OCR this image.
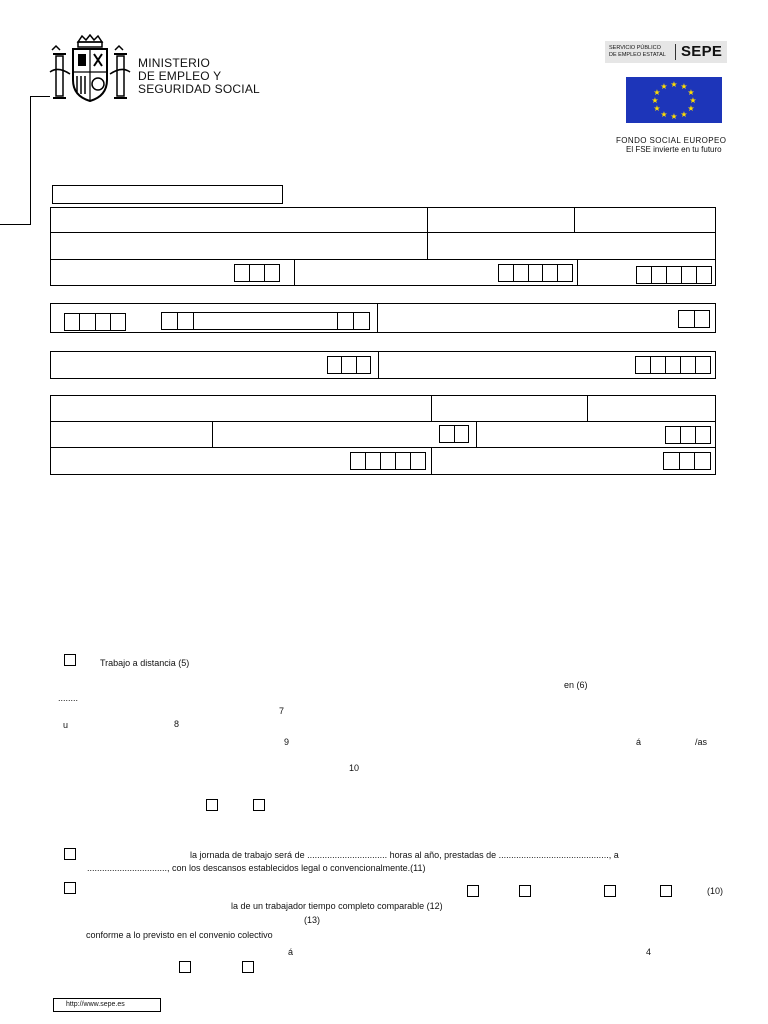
MINISTERIO
DE EMPLEO Y
SEGURIDAD SOCIAL
SERVICIO PÚBLICO
DE EMPLEO ESTATAL SEPE
★ ★
★
★
★
★
★
★
★
★
★
★
FONDO SOCIAL EUROPEO
El FSE invierte en tu futuro
Trabajo a distancia (5)
en (6)
........
7
u	8
9	á	/as
10
la jornada de trabajo será de ................................ horas al año, prestadas de ............................................, a
................................, con los descansos establecidos legal o convencionalmente.(11)
(10)
la de un trabajador tiempo completo comparable (12)
(13)
conforme a lo previsto en el convenio colectivo
á	4
http://www.sepe.es
